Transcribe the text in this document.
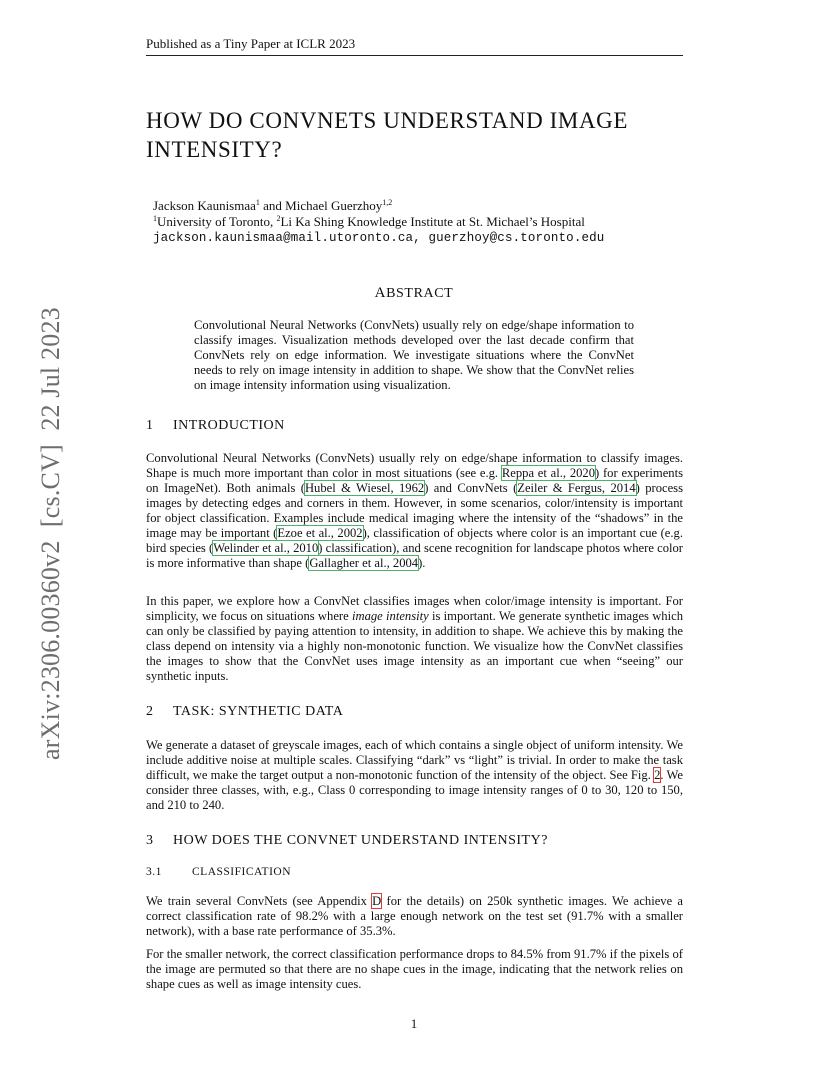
Published as a Tiny Paper at ICLR 2023
arXiv:2306.00360v2  [cs.CV]  22 Jul 2023
HOW DO CONVNETS UNDERSTAND IMAGE
INTENSITY?
Jackson Kaunismaa$^1$ and Michael Guerzhoy$^{1,2}$
$^1$University of Toronto, $^2$Li Ka Shing Knowledge Institute at St. Michael’s Hospital
jackson.kaunismaa@mail.utoronto.ca, guerzhoy@cs.toronto.edu
ABSTRACT
Convolutional Neural Networks (ConvNets) usually rely on edge/shape information to classify images. Visualization methods developed over the last decade confirm that ConvNets rely on edge information. We investigate situations where the ConvNet needs to rely on image intensity in addition to shape. We show that the ConvNet relies on image intensity information using visualization.
1 INTRODUCTION
Convolutional Neural Networks (ConvNets) usually rely on edge/shape information to classify images. Shape is much more important than color in most situations (see e.g. Reppa et al., 2020) for experiments on ImageNet). Both animals (Hubel & Wiesel, 1962) and ConvNets (Zeiler & Fergus, 2014) process images by detecting edges and corners in them. However, in some scenarios, color/intensity is important for object classification. Examples include medical imaging where the intensity of the “shadows” in the image may be important (Ezoe et al., 2002), classification of objects where color is an important cue (e.g. bird species (Welinder et al., 2010) classification), and scene recognition for landscape photos where color is more informative than shape (Gallagher et al., 2004).
In this paper, we explore how a ConvNet classifies images when color/image intensity is important. For simplicity, we focus on situations where image intensity is important. We generate synthetic images which can only be classified by paying attention to intensity, in addition to shape. We achieve this by making the class depend on intensity via a highly non-monotonic function. We visualize how the ConvNet classifies the images to show that the ConvNet uses image intensity as an important cue when “seeing” our synthetic inputs.
2 TASK: SYNTHETIC DATA
We generate a dataset of greyscale images, each of which contains a single object of uniform intensity. We include additive noise at multiple scales. Classifying “dark” vs “light” is trivial. In order to make the task difficult, we make the target output a non-monotonic function of the intensity of the object. See Fig. 2. We consider three classes, with, e.g., Class 0 corresponding to image intensity ranges of 0 to 30, 120 to 150, and 210 to 240.
3 HOW DOES THE CONVNET UNDERSTAND INTENSITY?
3.1	CLASSIFICATION
We train several ConvNets (see Appendix D for the details) on 250k synthetic images. We achieve a correct classification rate of 98.2% with a large enough network on the test set (91.7% with a smaller network), with a base rate performance of 35.3%.
For the smaller network, the correct classification performance drops to 84.5% from 91.7% if the pixels of the image are permuted so that there are no shape cues in the image, indicating that the network relies on shape cues as well as image intensity cues.
1
